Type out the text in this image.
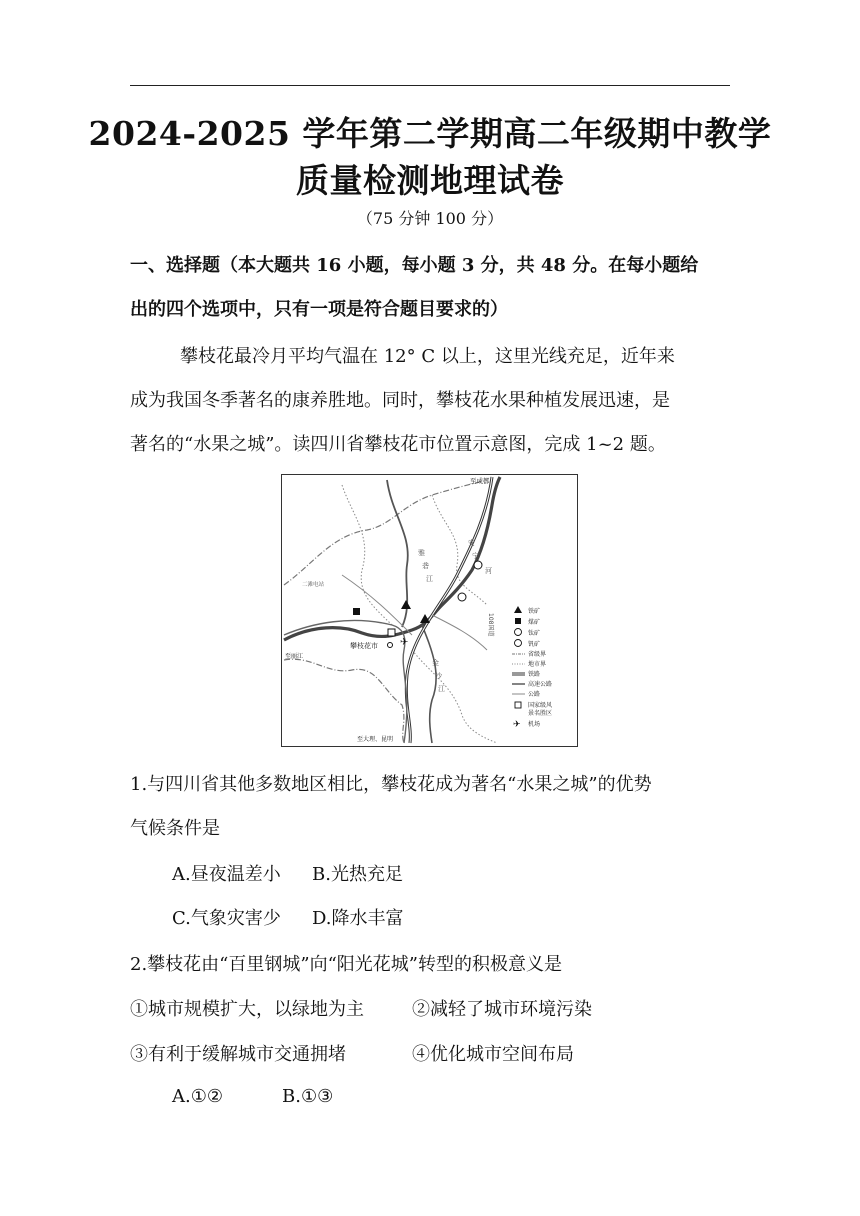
2024-2025 学年第二学期高二年级期中教学
质量检测地理试卷
（75 分钟 100 分）
一、选择题（本大题共 16 小题，每小题 3 分，共 48 分。在每小题给
出的四个选项中，只有一项是符合题目要求的）
攀枝花最冷月平均气温在 12° C 以上，这里光线充足，近年来
成为我国冬季著名的康养胜地。同时，攀枝花水果种植发展迅速，是
著名的“水果之城”。读四川省攀枝花市位置示意图，完成 1~2 题。
✈
至成都
攀枝花市
至丽江
至大理、昆明
雅
砻
安
宁
江
河
金
沙
江
二滩电站
108国道
铁矿
煤矿
钛矿
钒矿
省级界
地市界
铁路
高速公路
公路
国家级风
景名胜区
✈ 机场
1.与四川省其他多数地区相比，攀枝花成为著名“水果之城”的优势
气候条件是
A.昼夜温差小 B.光热充足
C.气象灾害少 D.降水丰富
2.攀枝花由“百里钢城”向“阳光花城”转型的积极意义是
①城市规模扩大，以绿地为主	②减轻了城市环境污染
③有利于缓解城市交通拥堵	④优化城市空间布局
A.①②	B.①③
